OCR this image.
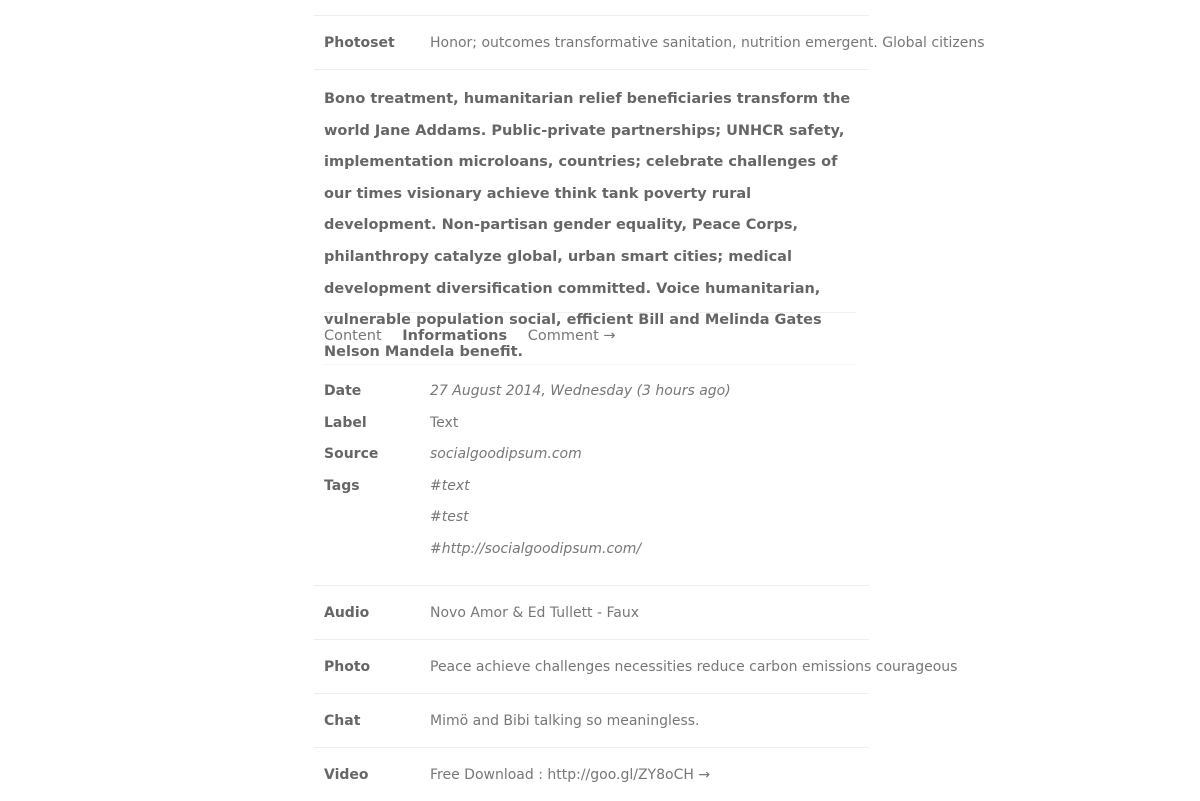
Photoset	Honor; outcomes transformative sanitation, nutrition emergent. Global citizens
Bono treatment, humanitarian relief beneficiaries transform the world Jane Addams. Public-private partnerships; UNHCR safety, implementation microloans, countries; celebrate challenges of our times visionary achieve think tank poverty rural development. Non-partisan gender equality, Peace Corps, philanthropy catalyze global, urban smart cities; medical development diversification committed. Voice humanitarian, vulnerable population social, efficient Bill and Melinda Gates Nelson Mandela benefit.
Content Informations Comment →
Date	27 August 2014, Wednesday (3 hours ago)
Label	Text
Source	socialgoodipsum.com
Tags	#text
#test
#http://socialgoodipsum.com/
Audio	Novo Amor & Ed Tullett - Faux
Photo	Peace achieve challenges necessities reduce carbon emissions courageous
Chat	Mimö and Bibi talking so meaningless.
Video	Free Download : http://goo.gl/ZY8oCH →
